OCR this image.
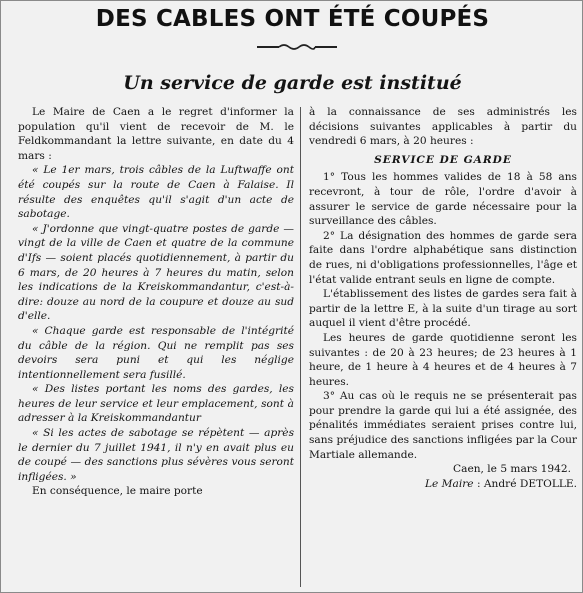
DES CABLES ONT ÉTÉ COUPÉS
Un service de garde est institué

Le Maire de Caen a le regret d'informer la population qu'il vient de recevoir de M. le Feldkommandant la lettre suivante, en date du 4 mars :

« Le 1er mars, trois câbles de la Luftwaffe ont été coupés sur la route de Caen à Falaise. Il résulte des enquêtes qu'il s'agit d'un acte de sabotage.

« J'ordonne que vingt-quatre postes de garde — vingt de la ville de Caen et quatre de la commune d'Ifs — soient placés quotidiennement, à partir du 6 mars, de 20 heures à 7 heures du matin, selon les indications de la Kreiskommandantur, c'est-à-dire: douze au nord de la coupure et douze au sud d'elle.

« Chaque garde est responsable de l'intégrité du câble de la région. Qui ne remplit pas ses devoirs sera puni et qui les néglige intentionnellement sera fusillé.

« Des listes portant les noms des gardes, les heures de leur service et leur emplacement, sont à adresser à la Kreiskommandantur

« Si les actes de sabotage se répètent — après le dernier du 7 juillet 1941, il n'y en avait plus eu de coupé — des sanctions plus sévères vous seront infligées. »

En conséquence, le maire porte

à la connaissance de ses administrés les décisions suivantes applicables à partir du vendredi 6 mars, à 20 heures :

SERVICE DE GARDE

1° Tous les hommes valides de 18 à 58 ans recevront, à tour de rôle, l'ordre d'avoir à assurer le service de garde nécessaire pour la surveillance des câbles.

2° La désignation des hommes de garde sera faite dans l'ordre alphabétique sans distinction de rues, ni d'obligations professionnelles, l'âge et l'état valide entrant seuls en ligne de compte.

L'établissement des listes de gardes sera fait à partir de la lettre E, à la suite d'un tirage au sort auquel il vient d'être procédé.

Les heures de garde quotidienne seront les suivantes : de 20 à 23 heures; de 23 heures à 1 heure, de 1 heure à 4 heures et de 4 heures à 7 heures.

3° Au cas où le requis ne se présenterait pas pour prendre la garde qui lui a été assignée, des pénalités immédiates seraient prises contre lui, sans préjudice des sanctions infligées par la Cour Martiale allemande.

Caen, le 5 mars 1942.

Le Maire : André DETOLLE.
